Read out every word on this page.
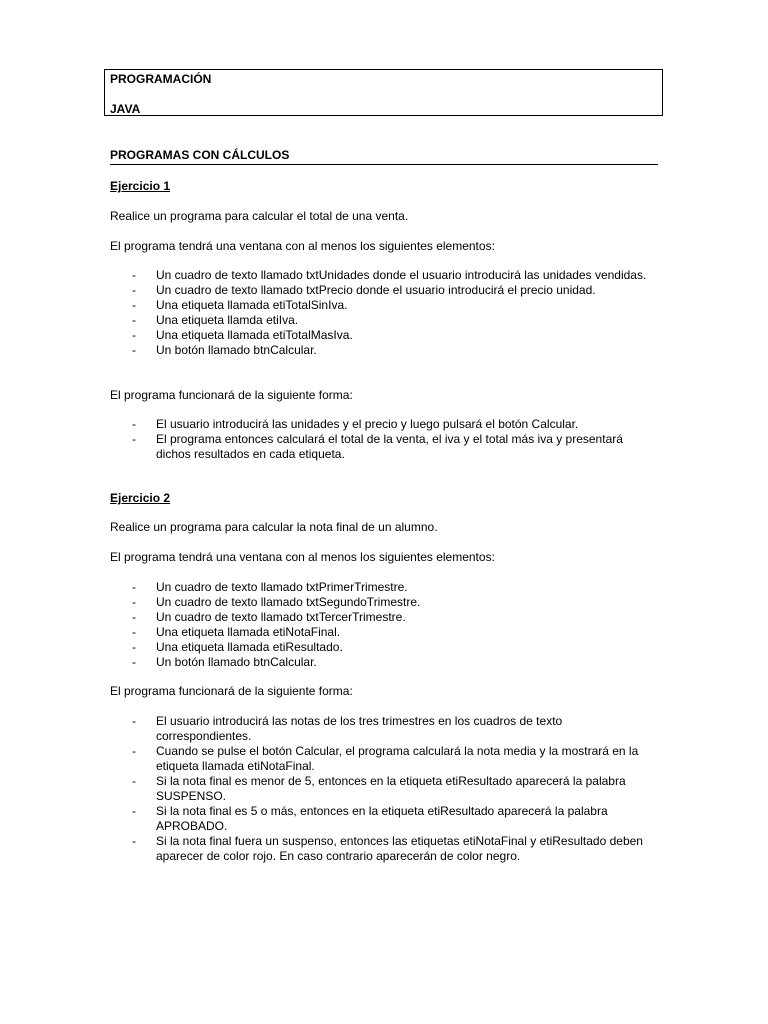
PROGRAMACIÓN
JAVA
PROGRAMAS CON CÁLCULOS
Ejercicio 1
Realice un programa para calcular el total de una venta.
El programa tendrá una ventana con al menos los siguientes elementos:
- Un cuadro de texto llamado txtUnidades donde el usuario introducirá las unidades vendidas.
- Un cuadro de texto llamado txtPrecio donde el usuario introducirá el precio unidad.
- Una etiqueta llamada etiTotalSinIva.
- Una etiqueta llamda etiIva.
- Una etiqueta llamada etiTotalMasIva.
- Un botón llamado btnCalcular.
El programa funcionará de la siguiente forma:
- El usuario introducirá las unidades y el precio y luego pulsará el botón Calcular.
- El programa entonces calculará el total de la venta, el iva y el total más iva y presentará dichos resultados en cada etiqueta.
Ejercicio 2
Realice un programa para calcular la nota final de un alumno.
El programa tendrá una ventana con al menos los siguientes elementos:
- Un cuadro de texto llamado txtPrimerTrimestre.
- Un cuadro de texto llamado txtSegundoTrimestre.
- Un cuadro de texto llamado txtTercerTrimestre.
- Una etiqueta llamada etiNotaFinal.
- Una etiqueta llamada etiResultado.
- Un botón llamado btnCalcular.
El programa funcionará de la siguiente forma:
- El usuario introducirá las notas de los tres trimestres en los cuadros de texto correspondientes.
- Cuando se pulse el botón Calcular, el programa calculará la nota media y la mostrará en la etiqueta llamada etiNotaFinal.
- Si la nota final es menor de 5, entonces en la etiqueta etiResultado aparecerá la palabra SUSPENSO.
- Si la nota final es 5 o más, entonces en la etiqueta etiResultado aparecerá la palabra APROBADO.
- Si la nota final fuera un suspenso, entonces las etiquetas etiNotaFinal y etiResultado deben aparecer de color rojo. En caso contrario aparecerán de color negro.
